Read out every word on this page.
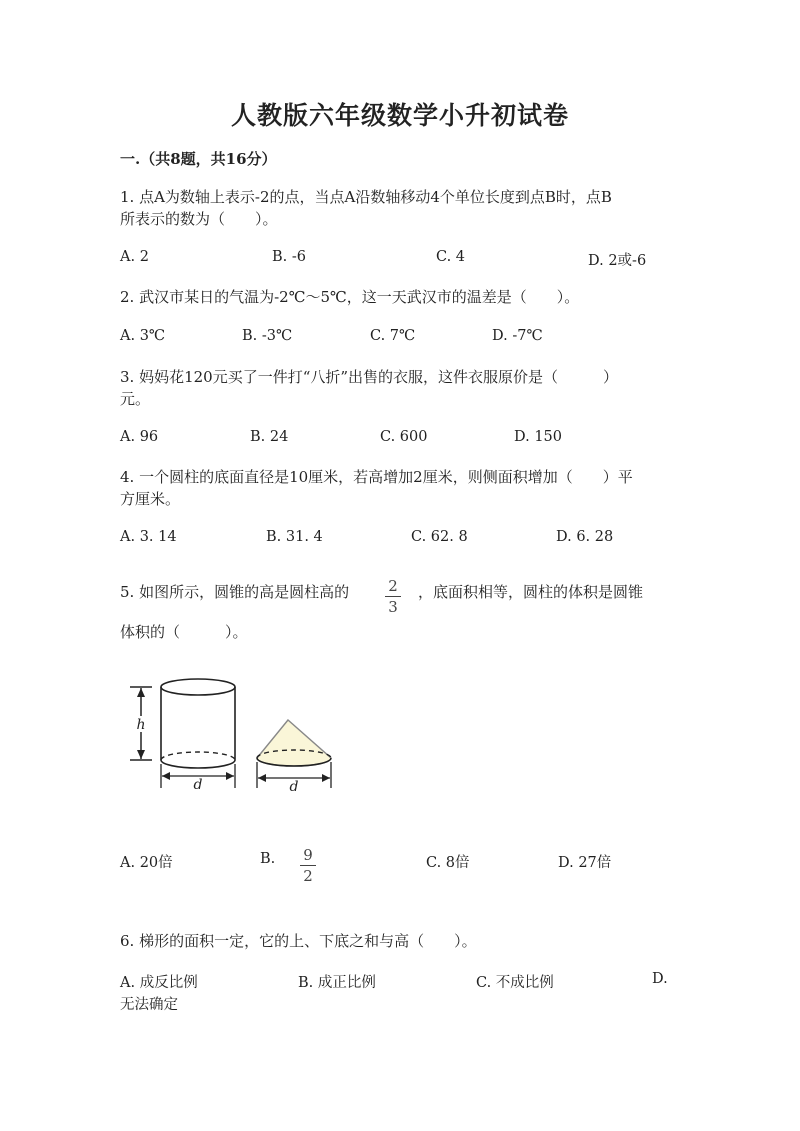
人教版六年级数学小升初试卷
一.（共8题，共16分）
1. 点A为数轴上表示-2的点，当点A沿数轴移动4个单位长度到点B时，点B
所表示的数为（　　）。
A. 2	B. -6	C. 4	D. 2或-6
2. 武汉市某日的气温为-2℃～5℃，这一天武汉市的温差是（　　）。
A. 3℃	B. -3℃	C. 7℃	D. -7℃
3. 妈妈花120元买了一件打“八折”出售的衣服，这件衣服原价是（　　　）
元。
A. 96	B. 24	C. 600	D. 150
4. 一个圆柱的底面直径是10厘米，若高增加2厘米，则侧面积增加（　　）平
方厘米。
A. 3. 14	B. 31. 4	C. 62. 8	D. 6. 28
5. 如图所示，圆锥的高是圆柱高的	2
3
，底面积相等，圆柱的体积是圆锥
体积的（　　　）。
h
d	d
A. 20倍	B.	9
2
C. 8倍	D. 27倍
6. 梯形的面积一定，它的上、下底之和与高（　　）。
A. 成反比例	B. 成正比例	C. 不成比例	D.
无法确定
